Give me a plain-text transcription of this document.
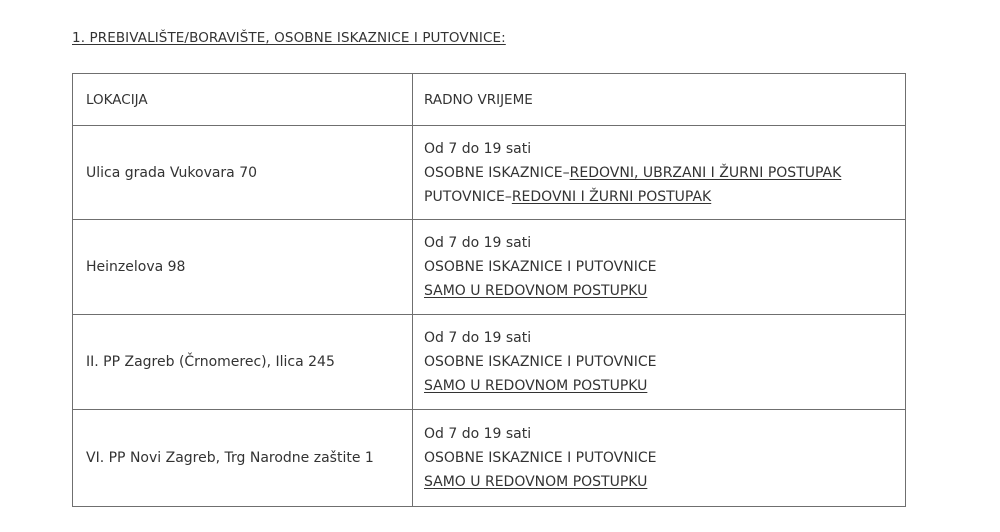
1. PREBIVALIŠTE/BORAVIŠTE, OSOBNE ISKAZNICE I PUTOVNICE:
LOKACIJA	RADNO VRIJEME
Ulica grada Vukovara 70	Od 7 do 19 sati
OSOBNE ISKAZNICE–REDOVNI, UBRZANI I ŽURNI POSTUPAK
PUTOVNICE–REDOVNI I ŽURNI POSTUPAK

Heinzelova 98	Od 7 do 19 sati
OSOBNE ISKAZNICE I PUTOVNICE
SAMO U REDOVNOM POSTUPKU

II. PP Zagreb (Črnomerec), Ilica 245	Od 7 do 19 sati
OSOBNE ISKAZNICE I PUTOVNICE
SAMO U REDOVNOM POSTUPKU

VI. PP Novi Zagreb, Trg Narodne zaštite 1	Od 7 do 19 sati
OSOBNE ISKAZNICE I PUTOVNICE
SAMO U REDOVNOM POSTUPKU
